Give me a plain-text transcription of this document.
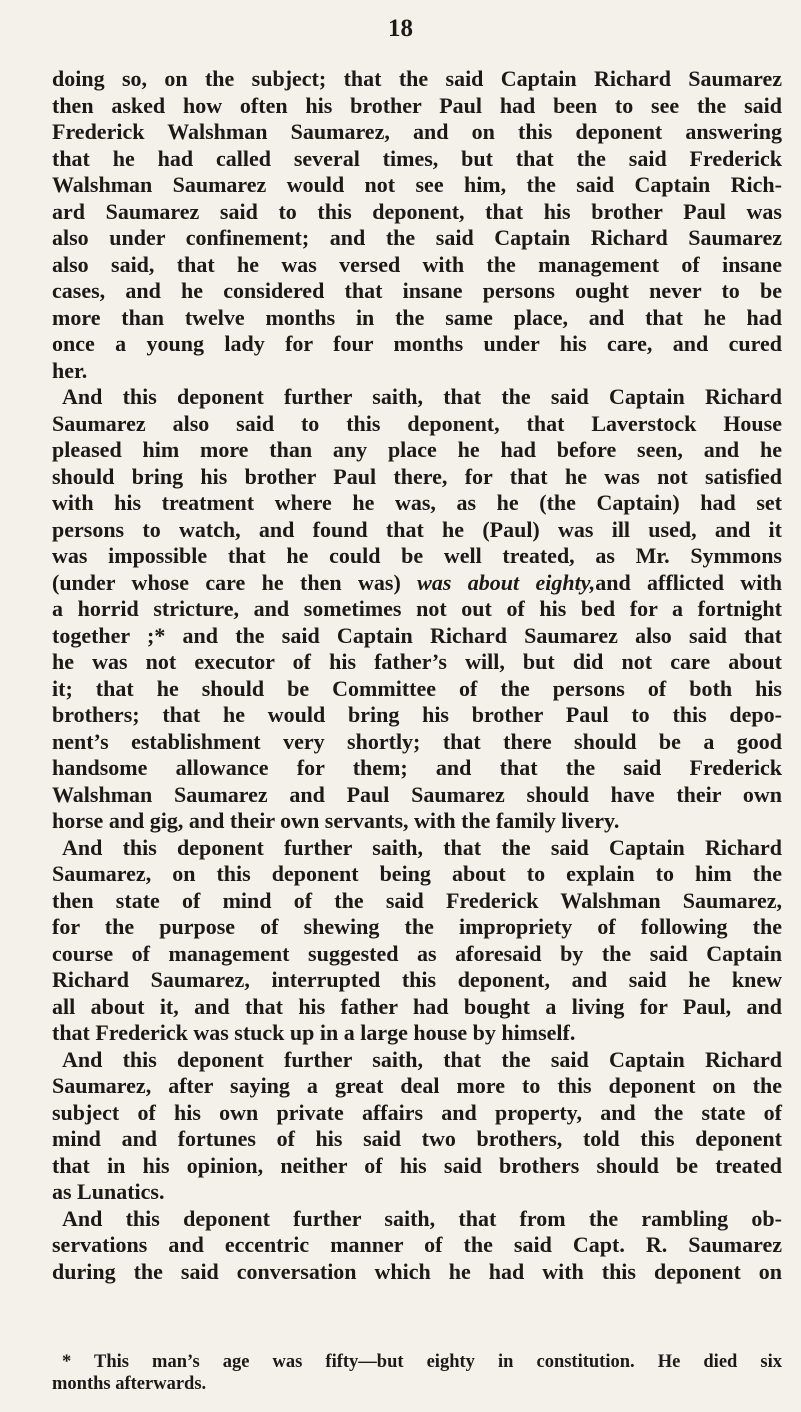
18
doing so, on the subject; that the said Captain Richard Saumarez
then asked how often his brother Paul had been to see the said
Frederick Walshman Saumarez, and on this deponent answering
that he had called several times, but that the said Frederick
Walshman Saumarez would not see him, the said Captain Rich-
ard Saumarez said to this deponent, that his brother Paul was
also under confinement; and the said Captain Richard Saumarez
also said, that he was versed with the management of insane
cases, and he considered that insane persons ought never to be
more than twelve months in the same place, and that he had
once a young lady for four months under his care, and cured
her.
And this deponent further saith, that the said Captain Richard
Saumarez also said to this deponent, that Laverstock House
pleased him more than any place he had before seen, and he
should bring his brother Paul there, for that he was not satisfied
with his treatment where he was, as he (the Captain) had set
persons to watch, and found that he (Paul) was ill used, and it
was impossible that he could be well treated, as Mr. Symmons
(under whose care he then was) was about eighty,and afflicted with
a horrid stricture, and sometimes not out of his bed for a fortnight
together ;* and the said Captain Richard Saumarez also said that
he was not executor of his father’s will, but did not care about
it; that he should be Committee of the persons of both his
brothers; that he would bring his brother Paul to this depo-
nent’s establishment very shortly; that there should be a good
handsome allowance for them; and that the said Frederick
Walshman Saumarez and Paul Saumarez should have their own
horse and gig, and their own servants, with the family livery.
And this deponent further saith, that the said Captain Richard
Saumarez, on this deponent being about to explain to him the
then state of mind of the said Frederick Walshman Saumarez,
for the purpose of shewing the impropriety of following the
course of management suggested as aforesaid by the said Captain
Richard Saumarez, interrupted this deponent, and said he knew
all about it, and that his father had bought a living for Paul, and
that Frederick was stuck up in a large house by himself.
And this deponent further saith, that the said Captain Richard
Saumarez, after saying a great deal more to this deponent on the
subject of his own private affairs and property, and the state of
mind and fortunes of his said two brothers, told this deponent
that in his opinion, neither of his said brothers should be treated
as Lunatics.
And this deponent further saith, that from the rambling ob-
servations and eccentric manner of the said Capt. R. Saumarez
during the said conversation which he had with this deponent on
* This man’s age was fifty—but eighty in constitution. He died six
months afterwards.
